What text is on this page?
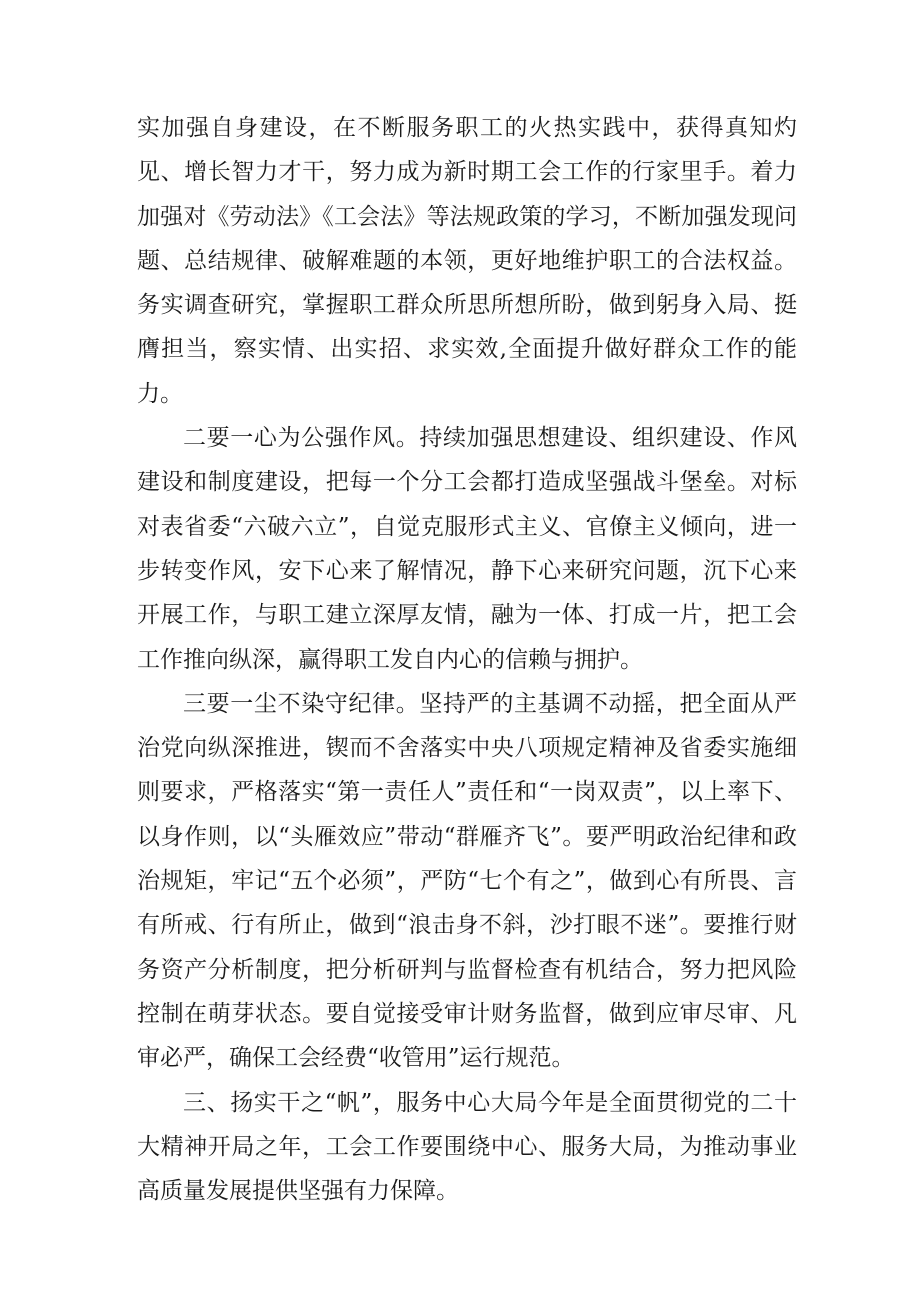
实加强自身建设，在不断服务职工的火热实践中，获得真知灼见、增长智力才干，努力成为新时期工会工作的行家里手。着力加强对《劳动法》《工会法》等法规政策的学习，不断加强发现问题、总结规律、破解难题的本领，更好地维护职工的合法权益。务实调查研究，掌握职工群众所思所想所盼，做到躬身入局、挺膺担当，察实情、出实招、求实效,全面提升做好群众工作的能力。

二要一心为公强作风。持续加强思想建设、组织建设、作风建设和制度建设，把每一个分工会都打造成坚强战斗堡垒。对标对表省委“六破六立”，自觉克服形式主义、官僚主义倾向，进一步转变作风，安下心来了解情况，静下心来研究问题，沉下心来开展工作，与职工建立深厚友情，融为一体、打成一片，把工会工作推向纵深，赢得职工发自内心的信赖与拥护。

三要一尘不染守纪律。坚持严的主基调不动摇，把全面从严治党向纵深推进，锲而不舍落实中央八项规定精神及省委实施细则要求，严格落实“第一责任人”责任和“一岗双责”，以上率下、以身作则，以“头雁效应”带动“群雁齐飞”。要严明政治纪律和政治规矩，牢记“五个必须”，严防“七个有之”，做到心有所畏、言有所戒、行有所止，做到“浪击身不斜，沙打眼不迷”。要推行财务资产分析制度，把分析研判与监督检查有机结合，努力把风险控制在萌芽状态。要自觉接受审计财务监督，做到应审尽审、凡审必严，确保工会经费“收管用”运行规范。

三、扬实干之“帆”，服务中心大局今年是全面贯彻党的二十大精神开局之年，工会工作要围绕中心、服务大局，为推动事业高质量发展提供坚强有力保障。
